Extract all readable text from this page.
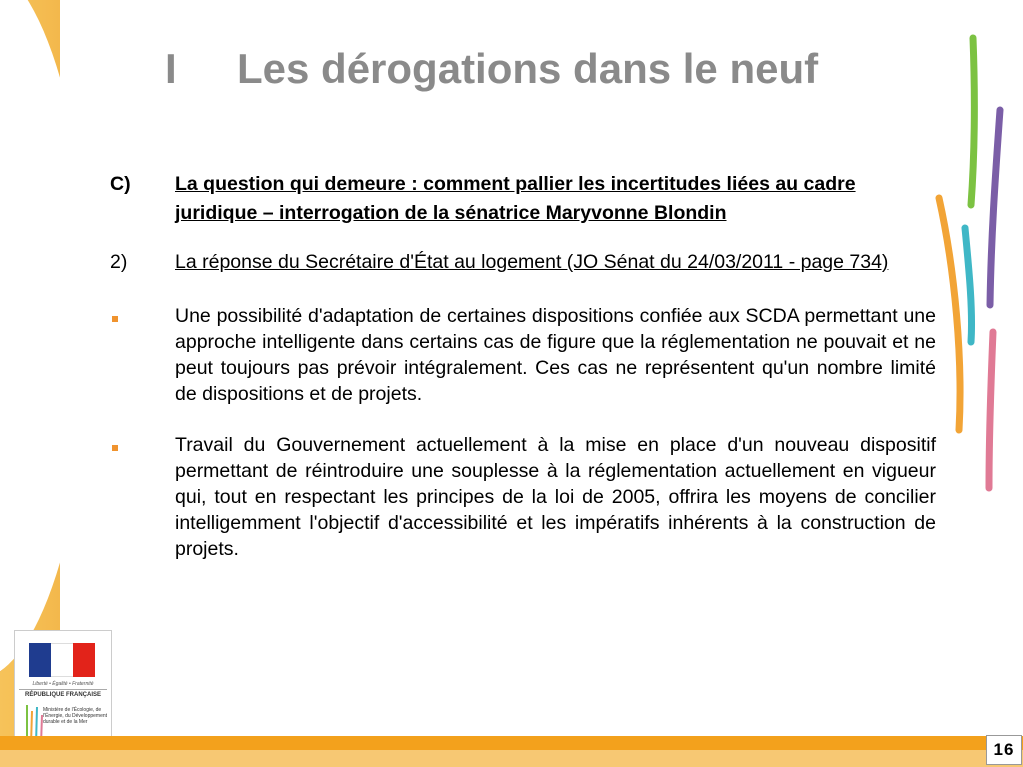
I Les dérogations dans le neuf
C) La question qui demeure : comment pallier les incertitudes liées au cadre juridique – interrogation de la sénatrice Maryvonne Blondin
2) La réponse du Secrétaire d'État au logement (JO Sénat du 24/03/2011 - page 734)
Une possibilité d'adaptation de certaines dispositions confiée aux SCDA permettant une approche intelligente dans certains cas de figure que la réglementation ne pouvait et ne peut toujours pas prévoir intégralement. Ces cas ne représentent qu'un nombre limité de dispositions et de projets.
Travail du Gouvernement actuellement à la mise en place d'un nouveau dispositif permettant de réintroduire une souplesse à la réglementation actuellement en vigueur qui, tout en respectant les principes de la loi de 2005, offrira les moyens de concilier intelligemment l'objectif d'accessibilité et les impératifs inhérents à la construction de projets.
Liberté • Égalité • Fraternité
RÉPUBLIQUE FRANÇAISE
Ministère de l'Écologie, de l'Énergie, du Développement durable et de la Mer
16
